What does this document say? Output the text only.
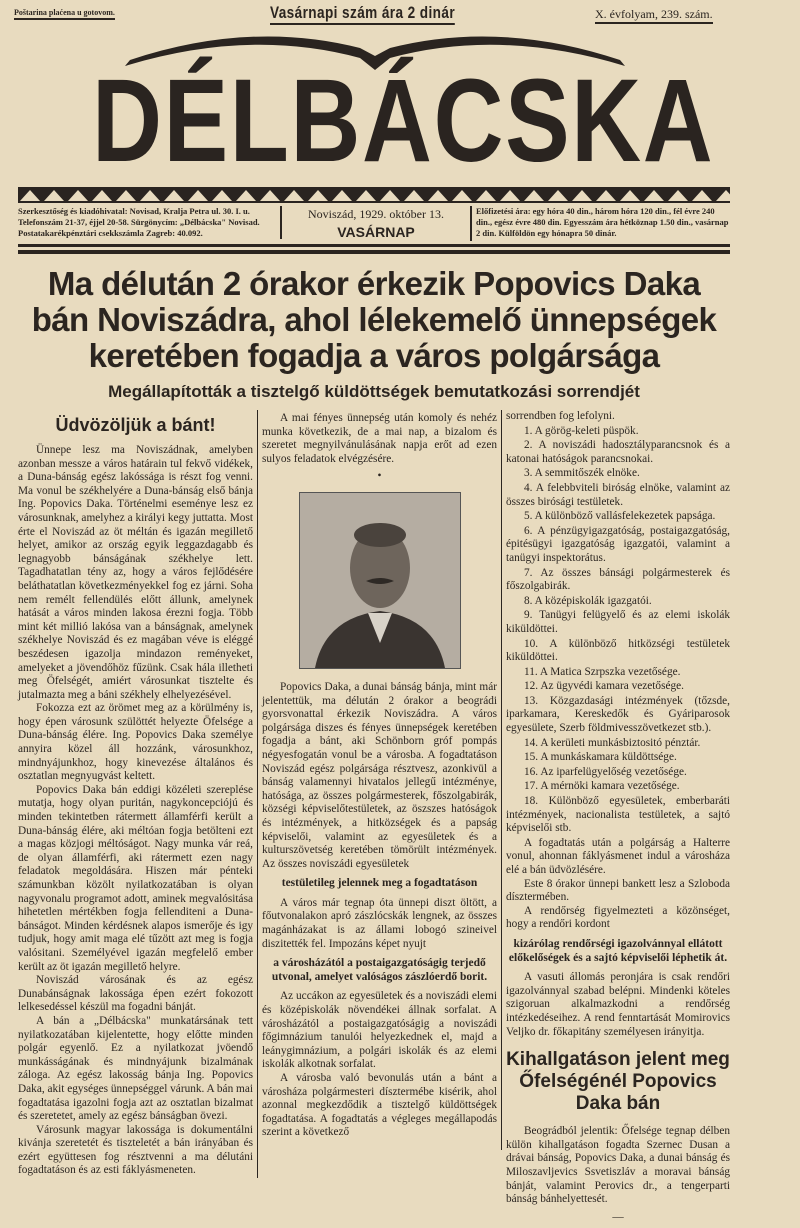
Poštarina plaćena u gotovom.	Vasárnapi szám ára 2 dinár	X. évfolyam, 239. szám.
DÉLBÁCSKA
Szerkesztőség és kiadóhivatal: Novisad, Kralja Petra ul. 30. I. u. Telefonszám 21-37, éjjel 20-58. Sürgönycím: „Délbácska" Novisad. Postatakarékpénztári csekkszámla Zagreb: 40.092.
Noviszád, 1929. október 13.
VASÁRNAP
Előfizetési ára: egy hóra 40 din., három hóra 120 din., fél évre 240 din., egész évre 480 din. Egyesszám ára hétköznap 1.50 din., vasárnap 2 din. Külföldön egy hónapra 50 dinár.
Ma délután 2 órakor érkezik Popovics Daka bán Noviszádra, ahol lélekemelő ünnepségek keretében fogadja a város polgársága
Megállapították a tisztelgő küldöttségek bemutatkozási sorrendjét
Üdvözöljük a bánt!

Ünnepe lesz ma Noviszádnak, amelyben azonban messze a város határain tul fekvő vidékek, a Duna-bánság egész lakóssága is részt fog venni. Ma vonul be székhelyére a Duna-bánság első bánja Ing. Popovics Daka. Történelmi eseménye lesz ez városunknak, amelyhez a királyi kegy juttatta. Most érte el Noviszád az öt méltán és igazán megillető helyet, amikor az ország egyik leggazdagabb és legnagyobb bánságának székhelye lett. Tagadhatatlan tény az, hogy a város fejlődésére beláthatatlan következményekkel fog ez járni. Soha nem remélt fellendülés előtt állunk, amelynek hatását a város minden lakosa érezni fogja. Több mint két millió lakósa van a bánságnak, amelynek székhelye Noviszád és ez magában véve is eléggé beszédesen igazolja mindazon reményeket, amelyeket a jövendőhöz fűzünk. Csak hála illetheti meg Öfelségét, amiért városunkat tisztelte és jutalmazta meg a báni székhely elhelyezésével.

Fokozza ezt az örömet meg az a körülmény is, hogy épen városunk szülöttét helyezte Öfelsége a Duna-bánság élére. Ing. Popovics Daka személye annyira közel áll hozzánk, városunkhoz, mindnyájunkhoz, hogy kinevezése általános és osztatlan megnyugvást keltett.

Popovics Daka bán eddigi közéleti szereplése mutatja, hogy olyan puritán, nagykoncepciójú és minden tekintetben rátermett államférfi került a Duna-bánság élére, aki méltóan fogja betölteni ezt a magas közjogi méltóságot. Nagy munka vár reá, de olyan államférfi, aki rátermett ezen nagy feladatok megoldására. Hiszen már pénteki számunkban közölt nyilatkozatában is olyan nagyvonalu programot adott, aminek megvalósitása hihetetlen mértékben fogja fellenditeni a Duna-bánságot. Minden kérdésnek alapos ismerője és igy tudjuk, hogy amit maga elé tűzött azt meg is fogja valósitani. Személyével igazán megfelelő ember került az öt igazán megillető helyre.

Noviszád városának és az egész Dunabánságnak lakossága épen ezért fokozott lelkesedéssel készül ma fogadni bánját.

A bán a „Délbácska" munkatársának tett nyilatkozatában kijelentette, hogy előtte minden polgár egyenlő. Ez a nyilatkozat jvöendő munkásságának és mindnyájunk bizalmának záloga. Az egész lakosság bánja Ing. Popovics Daka, akit egységes ünnepséggel várunk. A bán mai fogadtatása igazolni fogja azt az osztatlan bizalmat és szeretetet, amely az egész bánságban övezi.

Városunk magyar lakossága is dokumentálni kivánja szeretetét és tiszteletét a bán irányában és ezért együttesen fog résztvenni a ma délutáni fogadtatáson és az esti fáklyásmeneten.

A mai fényes ünnepség után komoly és nehéz munka következik, de a mai nap, a bizalom és szeretet megnyilvánulásának napja erőt ad ezen sulyos feladatok elvégzésére.

•

Popovics Daka, a dunai bánság bánja, mint már jelentettük, ma délután 2 órakor a beográdi gyorsvonattal érkezik Noviszádra. A város polgársága diszes és fényes ünnepségek keretében fogadja a bánt, aki Schönborn gróf pompás négyesfogatán vonul be a városba. A fogadtatáson Noviszád egész polgársága résztvesz, azonkivül a bánság valamennyi hivatalos jellegű intézménye, hatósága, az összes polgármesterek, főszolgabirák, községi képviselőtestületek, az öszszes hatóságok és intézmények, a hitközségek és a papság képviselői, valamint az egyesületek és a kulturszövetség keretében tömörült intézmények. Az összes noviszádi egyesületek

testületileg jelennek meg a fogadtatáson

A város már tegnap óta ünnepi diszt öltött, a főutvonalakon apró zászlócskák lengnek, az összes magánházakat is az állami lobogó szineivel diszitették fel. Impozáns képet nyujt

a városházától a postaigazgatóságig terjedő utvonal, amelyet valóságos zászlóerdő borit.

Az uccákon az egyesületek és a noviszádi elemi és középiskolák növendékei állnak sorfalat. A városházától a postaigazgatóságig a noviszádi főgimnázium tanulói helyezkednek el, majd a leánygimnázium, a polgári iskolák és az elemi iskolák alkotnak sorfalat.

A városba való bevonulás után a bánt a városháza polgármesteri dísztermébe kisérik, ahol azonnal megkezdődik a tisztelgő küldöttségek fogadtatása. A fogadtatás a végleges megállapodás szerint a következő

sorrendben fog lefolyni.

1. A görög-keleti püspök.

2. A noviszádi hadosztályparancsnok és a katonai hatóságok parancsnokai.

3. A semmitőszék elnöke.

4. A felebbviteli biróság elnöke, valamint az összes birósági testületek.

5. A különböző vallásfelekezetek papsága.

6. A pénzügyigazgatóság, postaigazgatóság, épitésügyi igazgatóság igazgatói, valamint a tanügyi inspektorátus.

7. Az összes bánsági polgármesterek és főszolgabirák.

8. A középiskolák igazgatói.

9. Tanügyi felügyelő és az elemi iskolák kiküldöttei.

10. A különböző hitközségi testületek kiküldöttei.

11. A Matica Szrpszka vezetősége.

12. Az ügyvédi kamara vezetősége.

13. Közgazdasági intézmények (tőzsde, iparkamara, Kereskedők és Gyáriparosok egyesülete, Szerb földmivesszövetkezet stb.).

14. A kerületi munkásbiztositó pénztár.

15. A munkáskamara küldöttsége.

16. Az iparfelügyelőség vezetősége.

17. A mérnöki kamara vezetősége.

18. Különböző egyesületek, emberbaráti intézmények, nacionalista testületek, a sajtó képviselői stb.

A fogadtatás után a polgárság a Halterre vonul, ahonnan fáklyásmenet indul a városháza elé a bán üdvözlésére.

Este 8 órakor ünnepi bankett lesz a Szloboda dísztermében.

A rendőrség figyelmezteti a közönséget, hogy a rendőri kordont

kizárólag rendőrségi igazolvánnyal ellátott előkelőségek és a sajtó képviselői léphetik át.

A vasuti állomás peronjára is csak rendőri igazolvánnyal szabad belépni. Mindenki köteles szigoruan alkalmazkodni a rendőrség intézkedéseihez. A rend fenntartását Momirovics Veljko dr. főkapitány személyesen irányitja.

Kihallgatáson jelent meg Őfelségénél Popovics Daka bán

Beográdból jelentik: Őfelsége tegnap délben külön kihallgatáson fogadta Szernec Dusan a drávai bánság, Popovics Daka, a dunai bánság és Miloszavljevics Ssvetiszláv a moravai bánság bánját, valamint Perovics dr., a tengerparti bánság bánhelyettesét.

—
